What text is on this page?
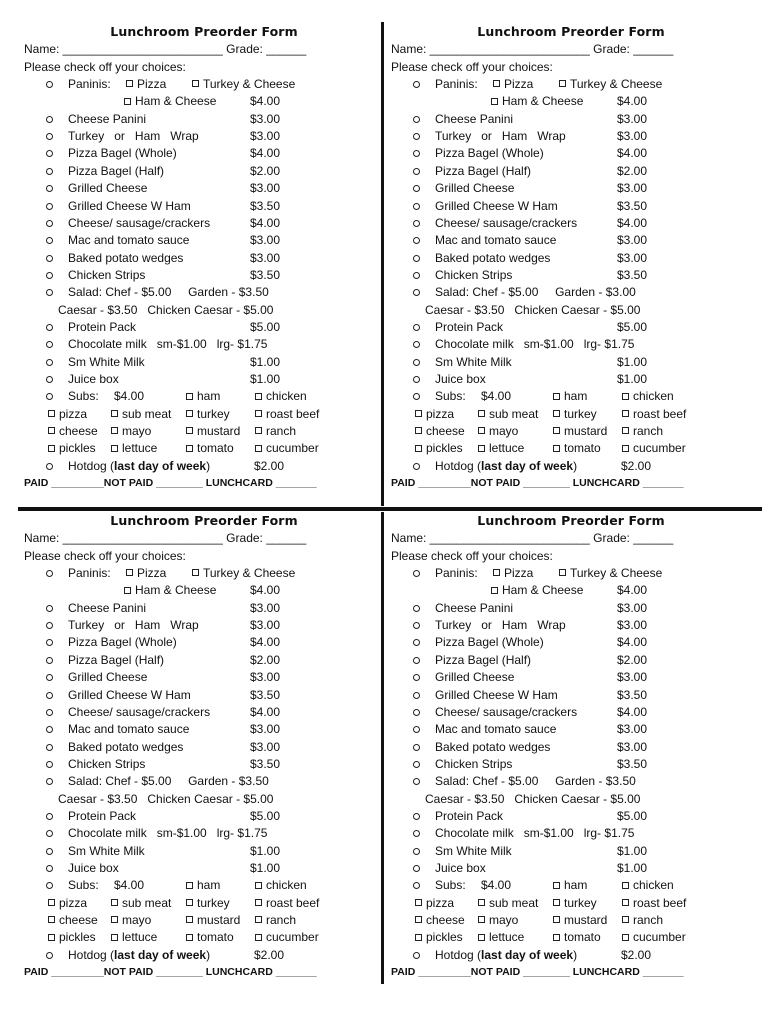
Lunchroom Preorder Form
Name: ________________________ Grade: ______
Please check off your choices:
Paninis:	Pizza	Turkey & Cheese
Ham & Cheese	$4.00
Cheese Panini	$3.00
Turkey   or   Ham   Wrap	$3.00
Pizza Bagel (Whole)	$4.00
Pizza Bagel (Half)	$2.00
Grilled Cheese	$3.00
Grilled Cheese W Ham	$3.50
Cheese/ sausage/crackers	$4.00
Mac and tomato sauce	$3.00
Baked potato wedges	$3.00
Chicken Strips	$3.50
Salad: Chef - $5.00     Garden - $3.50
Caesar - $3.50   Chicken Caesar - $5.00
Protein Pack	$5.00
Chocolate milk   sm-$1.00   lrg- $1.75
Sm White Milk	$1.00
Juice box	$1.00
Subs: $4.00	ham	chicken
pizza	sub meat	turkey	roast beef
cheese	mayo	mustard	ranch
pickles	lettuce	tomato	cucumber
Hotdog (last day of week)	$2.00
PAID _________NOT PAID ________ LUNCHCARD _______
Lunchroom Preorder Form
Name: ________________________ Grade: ______
Please check off your choices:
Paninis:	Pizza	Turkey & Cheese
Ham & Cheese	$4.00
Cheese Panini	$3.00
Turkey   or   Ham   Wrap	$3.00
Pizza Bagel (Whole)	$4.00
Pizza Bagel (Half)	$2.00
Grilled Cheese	$3.00
Grilled Cheese W Ham	$3.50
Cheese/ sausage/crackers	$4.00
Mac and tomato sauce	$3.00
Baked potato wedges	$3.00
Chicken Strips	$3.50
Salad: Chef - $5.00     Garden - $3.00
Caesar - $3.50   Chicken Caesar - $5.00
Protein Pack	$5.00
Chocolate milk   sm-$1.00   lrg- $1.75
Sm White Milk	$1.00
Juice box	$1.00
Subs: $4.00	ham	chicken
pizza	sub meat	turkey	roast beef
cheese	mayo	mustard	ranch
pickles	lettuce	tomato	cucumber
Hotdog (last day of week)	$2.00
PAID _________NOT PAID ________ LUNCHCARD _______
Lunchroom Preorder Form
Name: ________________________ Grade: ______
Please check off your choices:
Paninis:	Pizza	Turkey & Cheese
Ham & Cheese	$4.00
Cheese Panini	$3.00
Turkey   or   Ham   Wrap	$3.00
Pizza Bagel (Whole)	$4.00
Pizza Bagel (Half)	$2.00
Grilled Cheese	$3.00
Grilled Cheese W Ham	$3.50
Cheese/ sausage/crackers	$4.00
Mac and tomato sauce	$3.00
Baked potato wedges	$3.00
Chicken Strips	$3.50
Salad: Chef - $5.00     Garden - $3.50
Caesar - $3.50   Chicken Caesar - $5.00
Protein Pack	$5.00
Chocolate milk   sm-$1.00   lrg- $1.75
Sm White Milk	$1.00
Juice box	$1.00
Subs: $4.00	ham	chicken
pizza	sub meat	turkey	roast beef
cheese	mayo	mustard	ranch
pickles	lettuce	tomato	cucumber
Hotdog (last day of week)	$2.00
PAID _________NOT PAID ________ LUNCHCARD _______
Lunchroom Preorder Form
Name: ________________________ Grade: ______
Please check off your choices:
Paninis:	Pizza	Turkey & Cheese
Ham & Cheese	$4.00
Cheese Panini	$3.00
Turkey   or   Ham   Wrap	$3.00
Pizza Bagel (Whole)	$4.00
Pizza Bagel (Half)	$2.00
Grilled Cheese	$3.00
Grilled Cheese W Ham	$3.50
Cheese/ sausage/crackers	$4.00
Mac and tomato sauce	$3.00
Baked potato wedges	$3.00
Chicken Strips	$3.50
Salad: Chef - $5.00     Garden - $3.50
Caesar - $3.50   Chicken Caesar - $5.00
Protein Pack	$5.00
Chocolate milk   sm-$1.00   lrg- $1.75
Sm White Milk	$1.00
Juice box	$1.00
Subs: $4.00	ham	chicken
pizza	sub meat	turkey	roast beef
cheese	mayo	mustard	ranch
pickles	lettuce	tomato	cucumber
Hotdog (last day of week)	$2.00
PAID _________NOT PAID ________ LUNCHCARD _______
